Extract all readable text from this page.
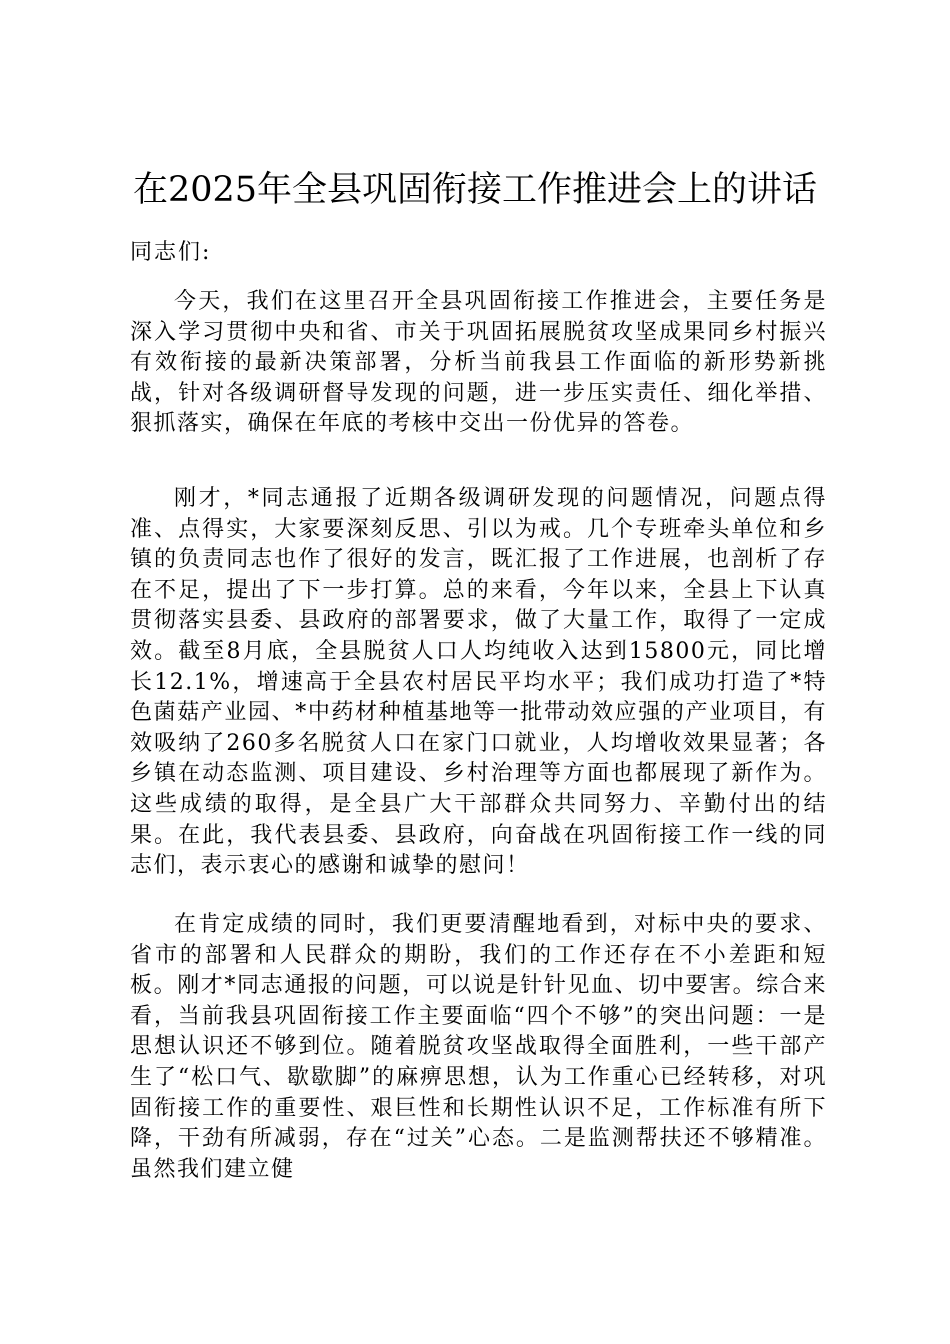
在2025年全县巩固衔接工作推进会上的讲话

同志们:

今天，我们在这里召开全县巩固衔接工作推进会，主要任务是深入学习贯彻中央和省、市关于巩固拓展脱贫攻坚成果同乡村振兴有效衔接的最新决策部署，分析当前我县工作面临的新形势新挑战，针对各级调研督导发现的问题，进一步压实责任、细化举措、狠抓落实，确保在年底的考核中交出一份优异的答卷。

刚才，*同志通报了近期各级调研发现的问题情况，问题点得准、点得实，大家要深刻反思、引以为戒。几个专班牵头单位和乡镇的负责同志也作了很好的发言，既汇报了工作进展，也剖析了存在不足，提出了下一步打算。总的来看，今年以来，全县上下认真贯彻落实县委、县政府的部署要求，做了大量工作，取得了一定成效。截至8月底，全县脱贫人口人均纯收入达到15800元，同比增长12.1%，增速高于全县农村居民平均水平；我们成功打造了*特色菌菇产业园、*中药材种植基地等一批带动效应强的产业项目，有效吸纳了260多名脱贫人口在家门口就业，人均增收效果显著；各乡镇在动态监测、项目建设、乡村治理等方面也都展现了新作为。这些成绩的取得，是全县广大干部群众共同努力、辛勤付出的结果。在此，我代表县委、县政府，向奋战在巩固衔接工作一线的同志们，表示衷心的感谢和诚挚的慰问！

在肯定成绩的同时，我们更要清醒地看到，对标中央的要求、省市的部署和人民群众的期盼，我们的工作还存在不小差距和短板。刚才*同志通报的问题，可以说是针针见血、切中要害。综合来看，当前我县巩固衔接工作主要面临“四个不够”的突出问题：一是思想认识还不够到位。随着脱贫攻坚战取得全面胜利，一些干部产生了“松口气、歇歇脚”的麻痹思想，认为工作重心已经转移，对巩固衔接工作的重要性、艰巨性和长期性认识不足，工作标准有所下降，干劲有所减弱，存在“过关”心态。二是监测帮扶还不够精准。虽然我们建立健
